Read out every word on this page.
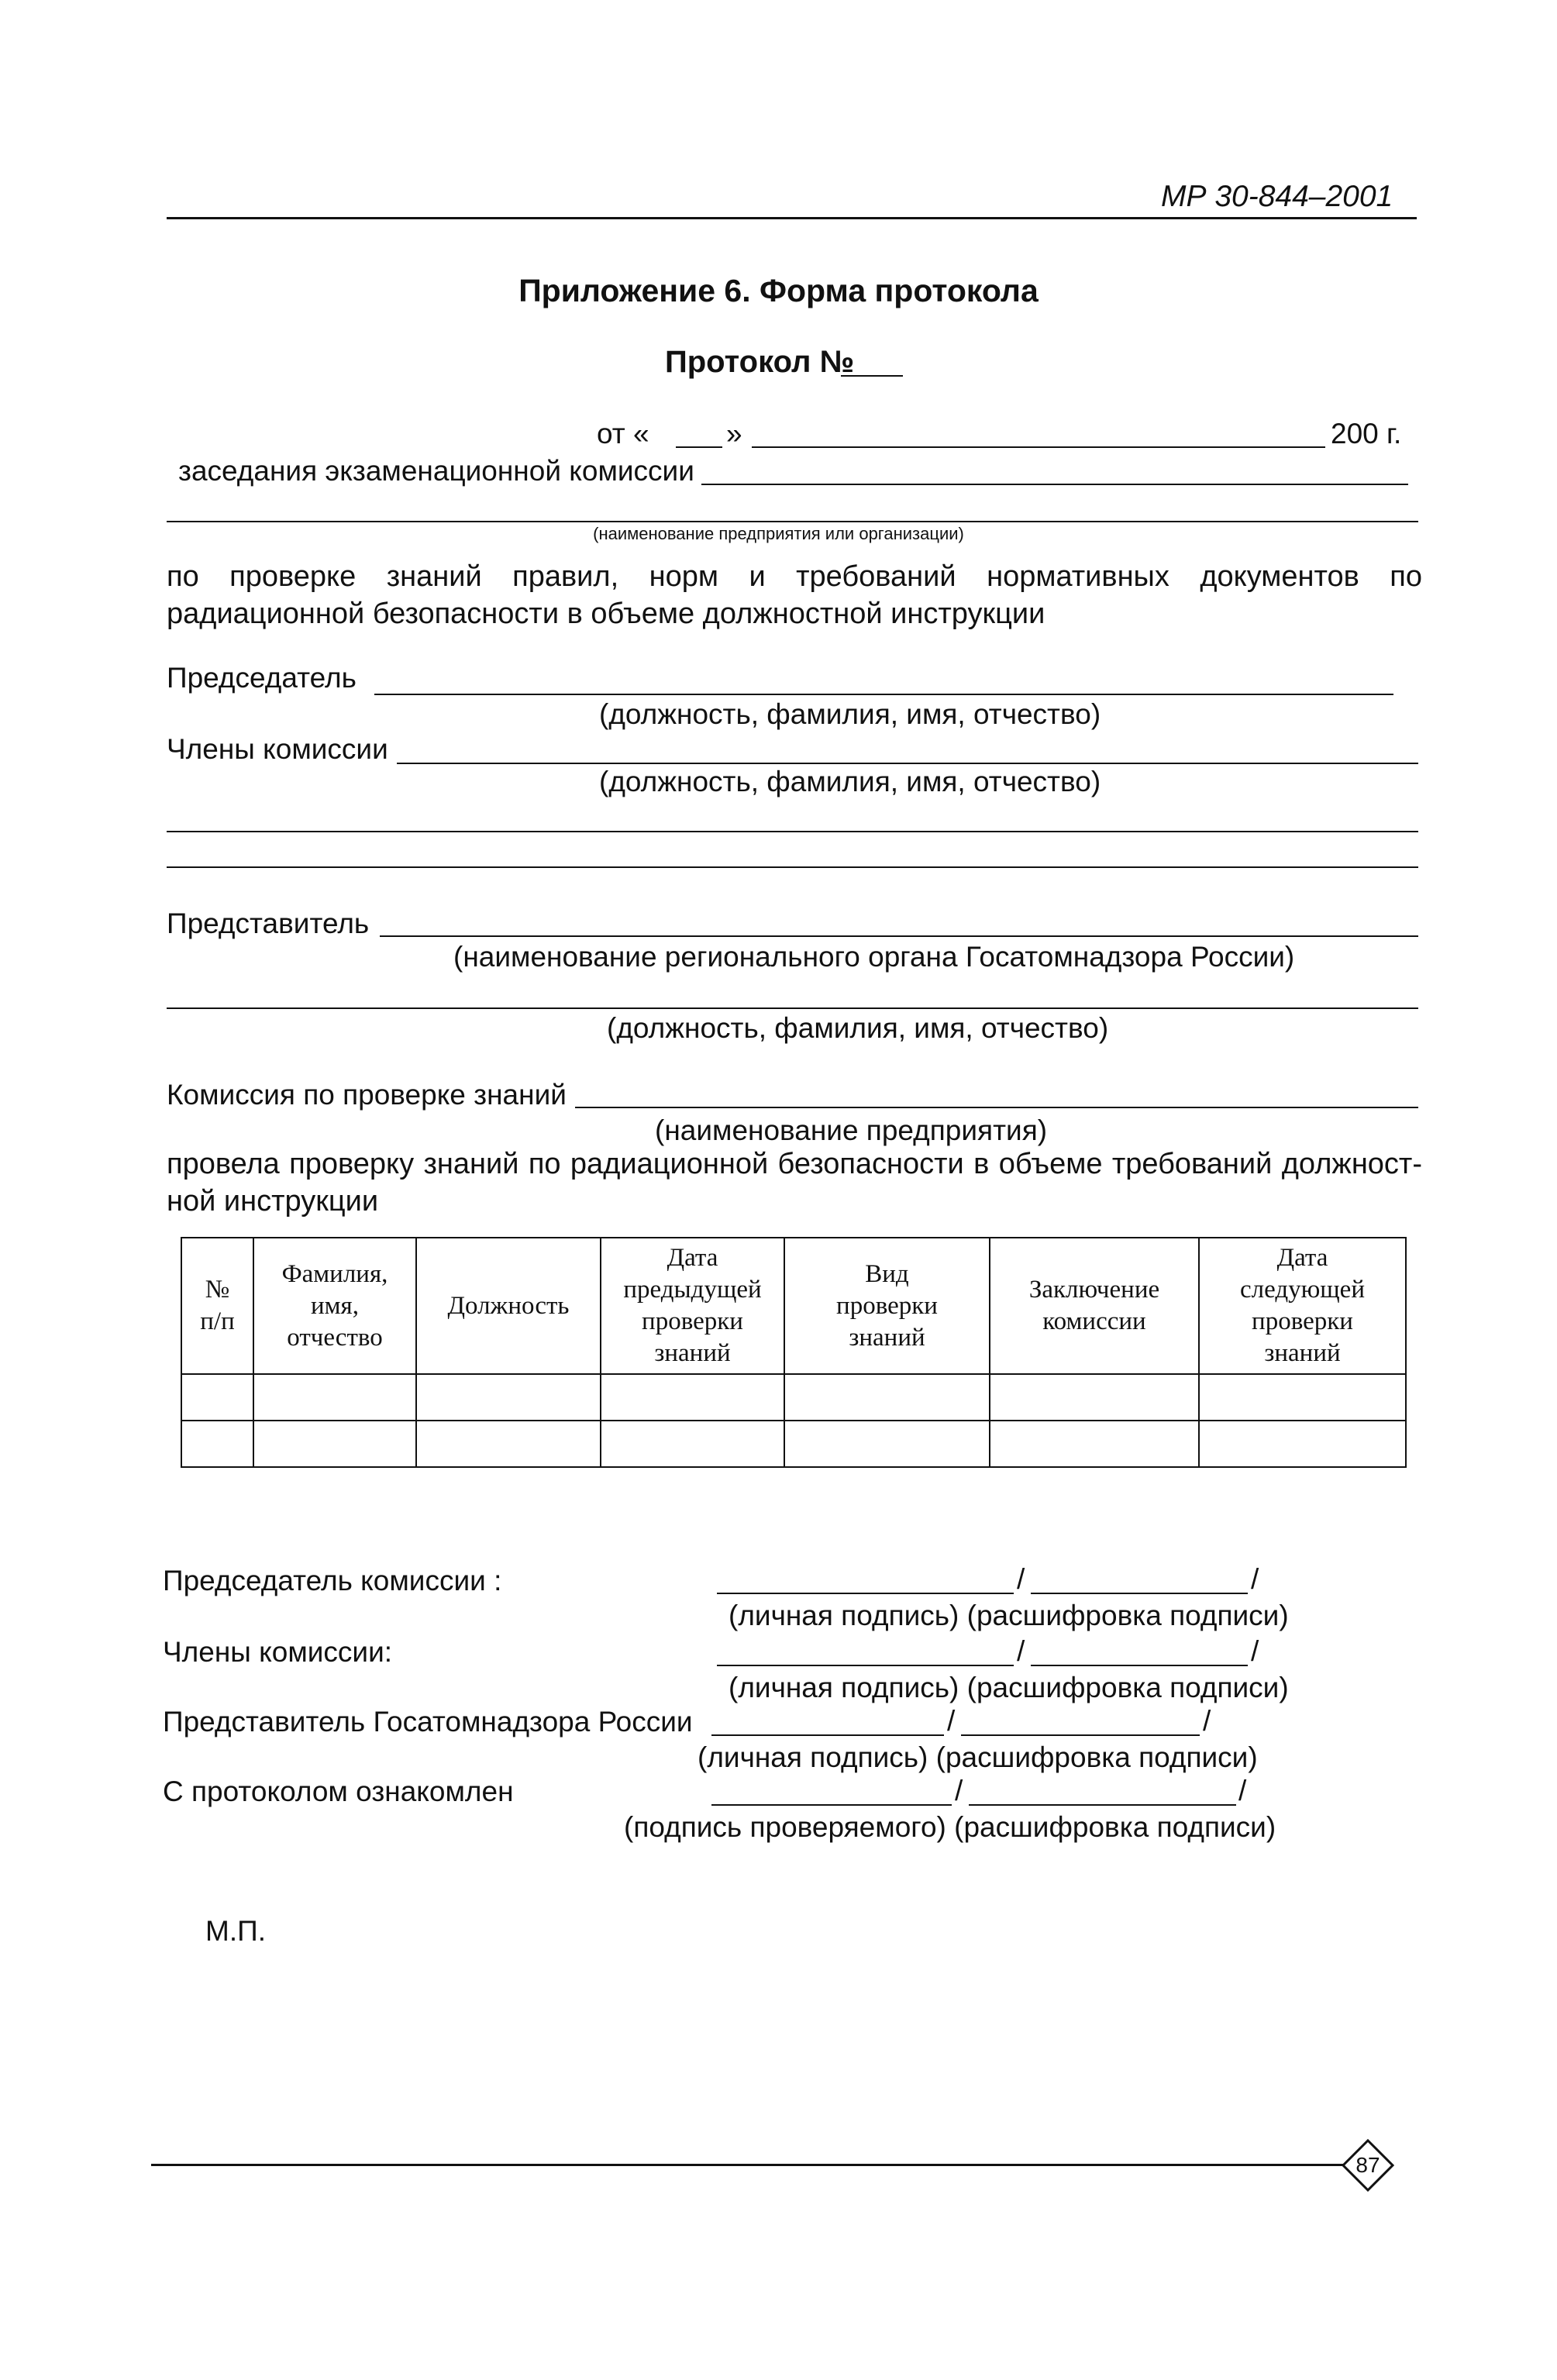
МР 30-844–2001
Приложение 6. Форма протокола
Протокол №
от «	»	200 г.
заседания экзаменационной комиссии
(наименование предприятия или организации)
по проверке знаний правил, норм и требований нормативных документов по радиационной безопасности в объеме должностной инструкции
Председатель
(должность, фамилия, имя, отчество)
Члены комиссии
(должность, фамилия, имя, отчество)
Представитель
(наименование регионального органа Госатомнадзора России)
(должность, фамилия, имя, отчество)
Комиссия по проверке знаний
(наименование предприятия)
провела проверку знаний по радиационной безопасности в объеме требований должност-ной инструкции
№
п/п	Фамилия,
имя,
отчество	Должность	Дата
предыдущей
проверки
знаний	Вид
проверки
знаний	Заключение
комиссии	Дата
следующей
проверки
знаний

Председатель комиссии :	/	/
(личная подпись) (расшифровка подписи)
Члены комиссии:	/	/
(личная подпись) (расшифровка подписи)
Представитель Госатомнадзора России	/	/
(личная подпись) (расшифровка подписи)
С протоколом ознакомлен	/	/
(подпись проверяемого) (расшифровка подписи)
М.П.
87
